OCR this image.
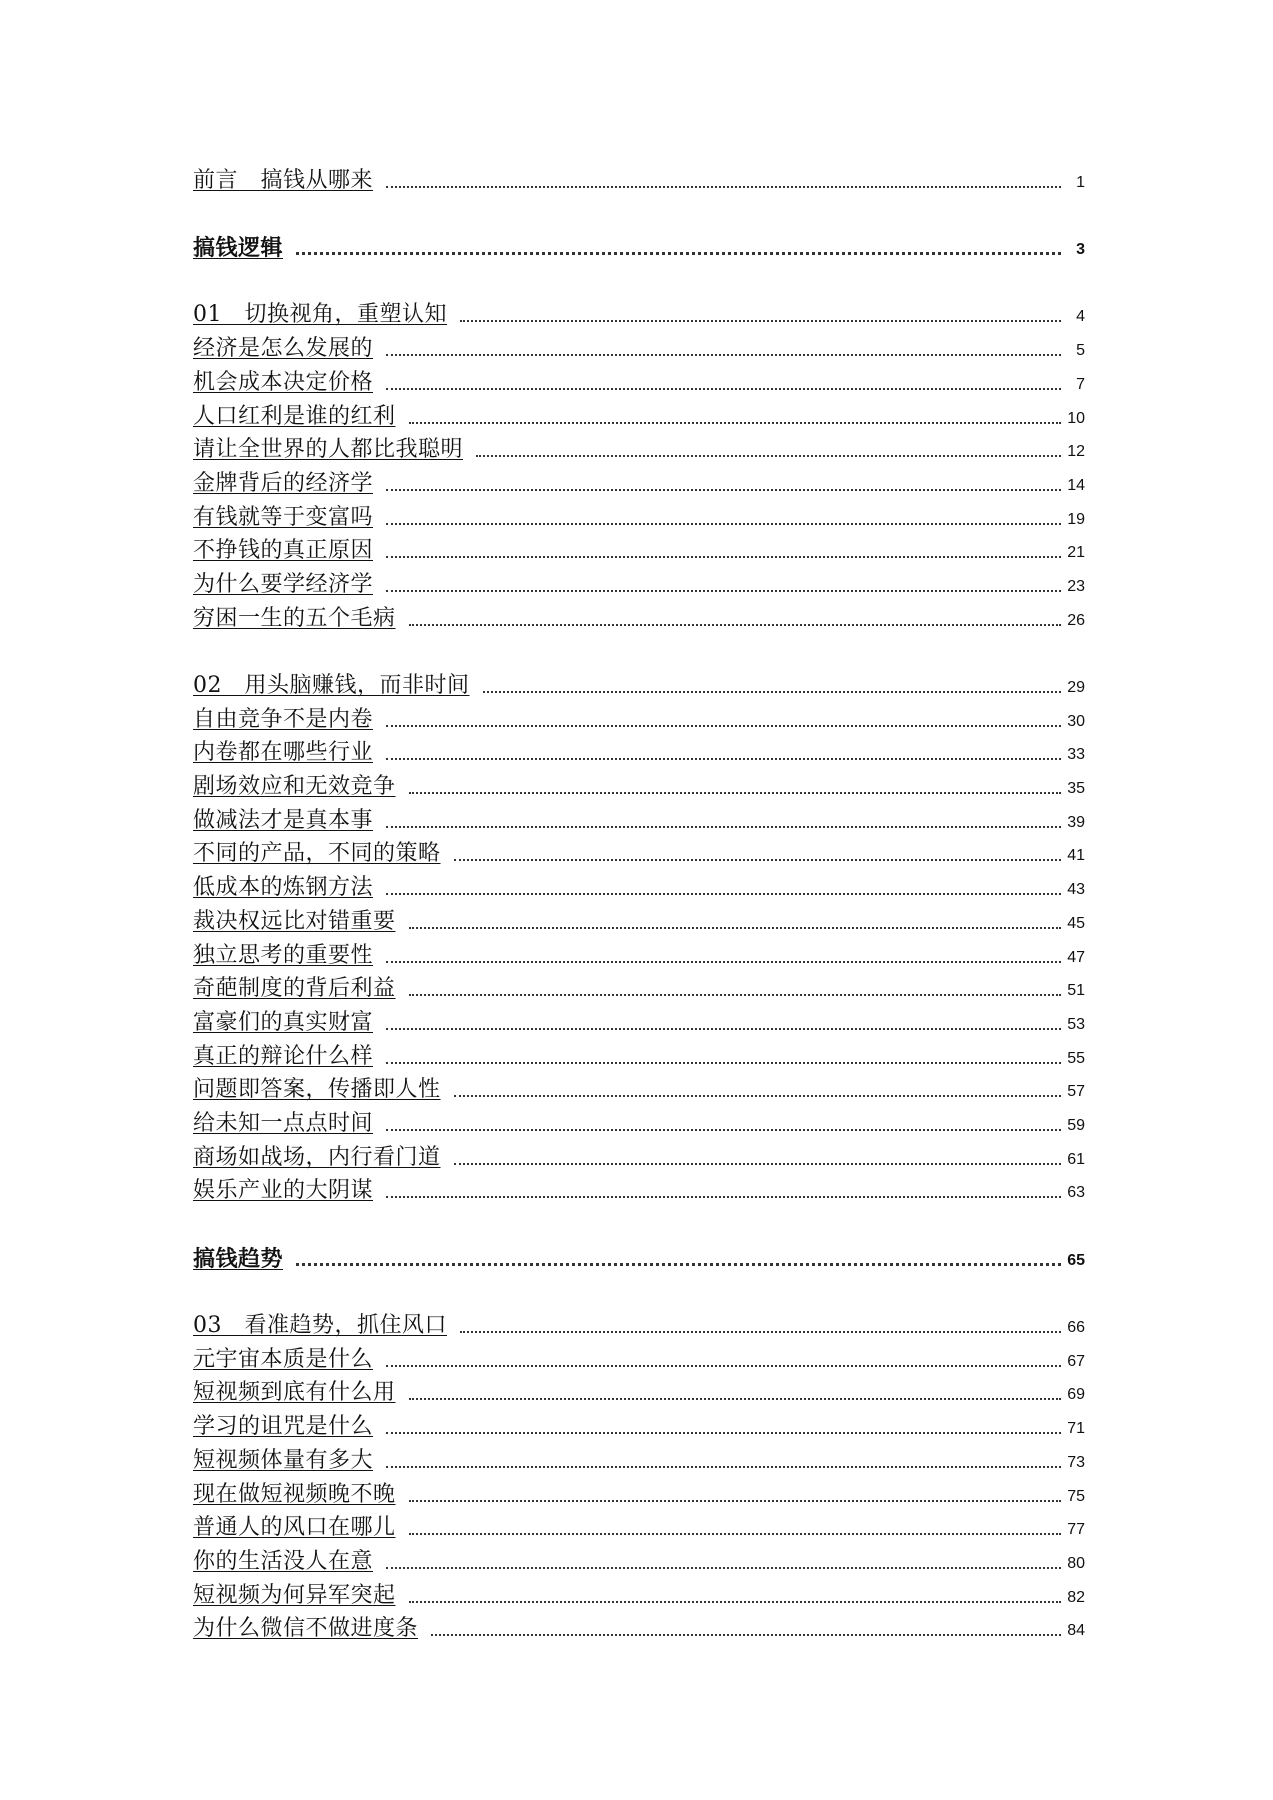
前言　搞钱从哪来	1
搞钱逻辑	3
01　切换视角，重塑认知	4
经济是怎么发展的	5
机会成本决定价格	7
人口红利是谁的红利	10
请让全世界的人都比我聪明	12
金牌背后的经济学	14
有钱就等于变富吗	19
不挣钱的真正原因	21
为什么要学经济学	23
穷困一生的五个毛病	26
02　用头脑赚钱，而非时间	29
自由竞争不是内卷	30
内卷都在哪些行业	33
剧场效应和无效竞争	35
做减法才是真本事	39
不同的产品，不同的策略	41
低成本的炼钢方法	43
裁决权远比对错重要	45
独立思考的重要性	47
奇葩制度的背后利益	51
富豪们的真实财富	53
真正的辩论什么样	55
问题即答案，传播即人性	57
给未知一点点时间	59
商场如战场，内行看门道	61
娱乐产业的大阴谋	63
搞钱趋势	65
03　看准趋势，抓住风口	66
元宇宙本质是什么	67
短视频到底有什么用	69
学习的诅咒是什么	71
短视频体量有多大	73
现在做短视频晚不晚	75
普通人的风口在哪儿	77
你的生活没人在意	80
短视频为何异军突起	82
为什么微信不做进度条	84
